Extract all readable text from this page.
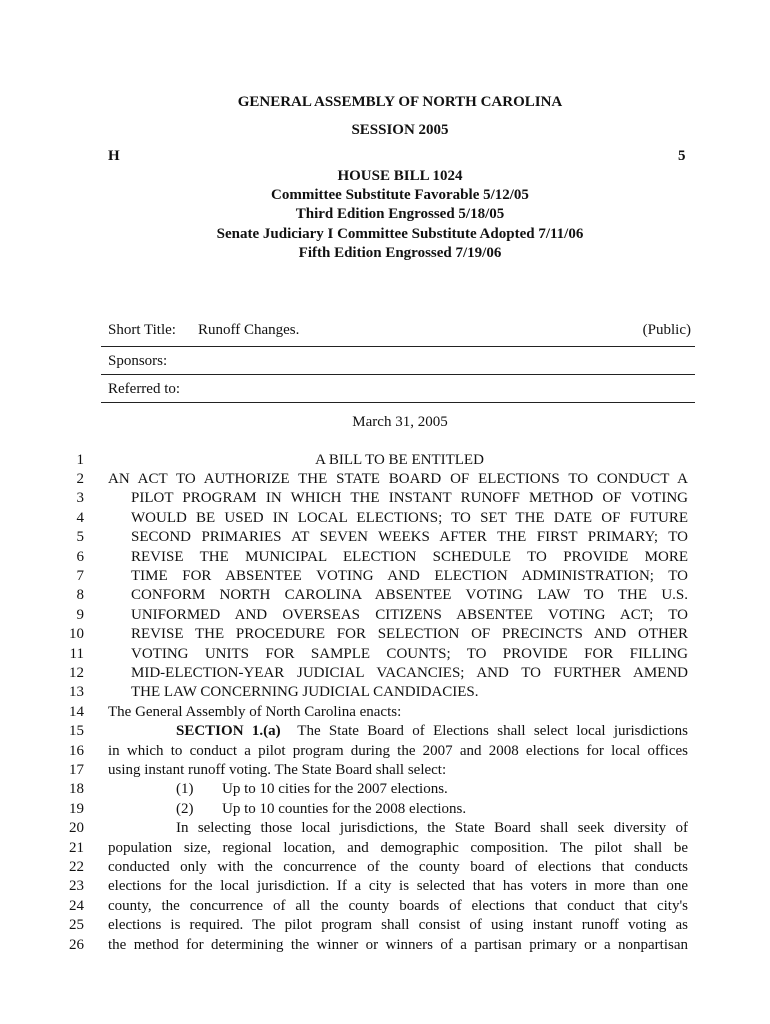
GENERAL ASSEMBLY OF NORTH CAROLINA
SESSION 2005
H	5
HOUSE BILL 1024
Committee Substitute Favorable 5/12/05
Third Edition Engrossed 5/18/05
Senate Judiciary I Committee Substitute Adopted 7/11/06
Fifth Edition Engrossed 7/19/06
Short Title: Runoff Changes.	(Public)
Sponsors:
Referred to:
March 31, 2005
1	A BILL TO BE ENTITLED
2 AN ACT TO AUTHORIZE THE STATE BOARD OF ELECTIONS TO CONDUCT A
3	PILOT PROGRAM IN WHICH THE INSTANT RUNOFF METHOD OF VOTING
4	WOULD BE USED IN LOCAL ELECTIONS; TO SET THE DATE OF FUTURE
5	SECOND PRIMARIES AT SEVEN WEEKS AFTER THE FIRST PRIMARY; TO
6	REVISE THE MUNICIPAL ELECTION SCHEDULE TO PROVIDE MORE
7	TIME FOR ABSENTEE VOTING AND ELECTION ADMINISTRATION; TO
8	CONFORM NORTH CAROLINA ABSENTEE VOTING LAW TO THE U.S.
9	UNIFORMED AND OVERSEAS CITIZENS ABSENTEE VOTING ACT; TO
10	REVISE THE PROCEDURE FOR SELECTION OF PRECINCTS AND OTHER
11	VOTING UNITS FOR SAMPLE COUNTS; TO PROVIDE FOR FILLING
12	MID-ELECTION-YEAR JUDICIAL VACANCIES; AND TO FURTHER AMEND
13	THE LAW CONCERNING JUDICIAL CANDIDACIES.
14 The General Assembly of North Carolina enacts:
15	SECTION 1.(a) The State Board of Elections shall select local jurisdictions
16 in which to conduct a pilot program during the 2007 and 2008 elections for local offices
17 using instant runoff voting. The State Board shall select:
18	(1) Up to 10 cities for the 2007 elections.
19	(2) Up to 10 counties for the 2008 elections.
20	In selecting those local jurisdictions, the State Board shall seek diversity of
21 population size, regional location, and demographic composition. The pilot shall be
22 conducted only with the concurrence of the county board of elections that conducts
23 elections for the local jurisdiction. If a city is selected that has voters in more than one
24 county, the concurrence of all the county boards of elections that conduct that city's
25 elections is required. The pilot program shall consist of using instant runoff voting as
26 the method for determining the winner or winners of a partisan primary or a nonpartisan
